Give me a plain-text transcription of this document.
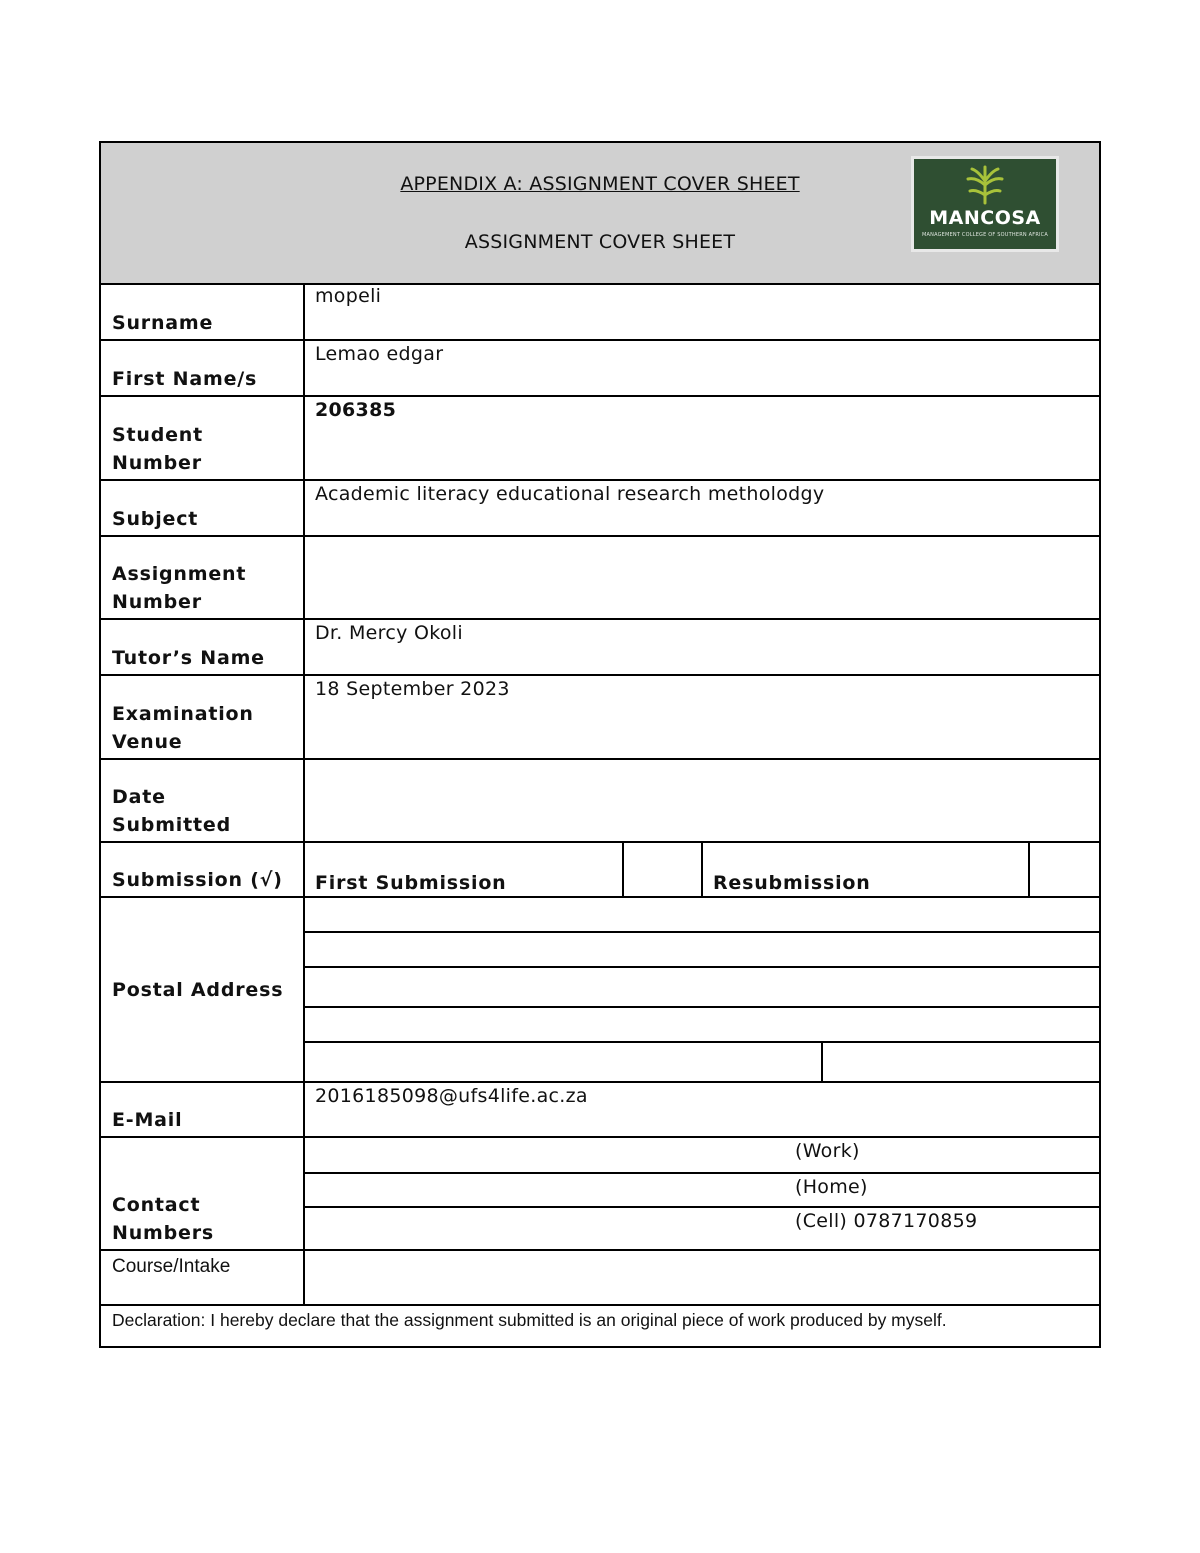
APPENDIX A: ASSIGNMENT COVER SHEET
ASSIGNMENT COVER SHEET
MANCOSA
MANAGEMENT COLLEGE OF SOUTHERN AFRICA
Surname
mopeli
First Name/s
Lemao edgar
Student Number
206385
Subject
Academic literacy educational research metholodgy
Assignment Number
Tutor’s Name
Dr. Mercy Okoli
Examination Venue
18 September 2023
Date Submitted
Submission (√) First Submission	Resubmission
Postal Address
E-Mail
2016185098@ufs4life.ac.za
Contact Numbers
(Work)
(Home)
(Cell) 0787170859
Course/Intake
Declaration: I hereby declare that the assignment submitted is an original piece of work produced by myself.
